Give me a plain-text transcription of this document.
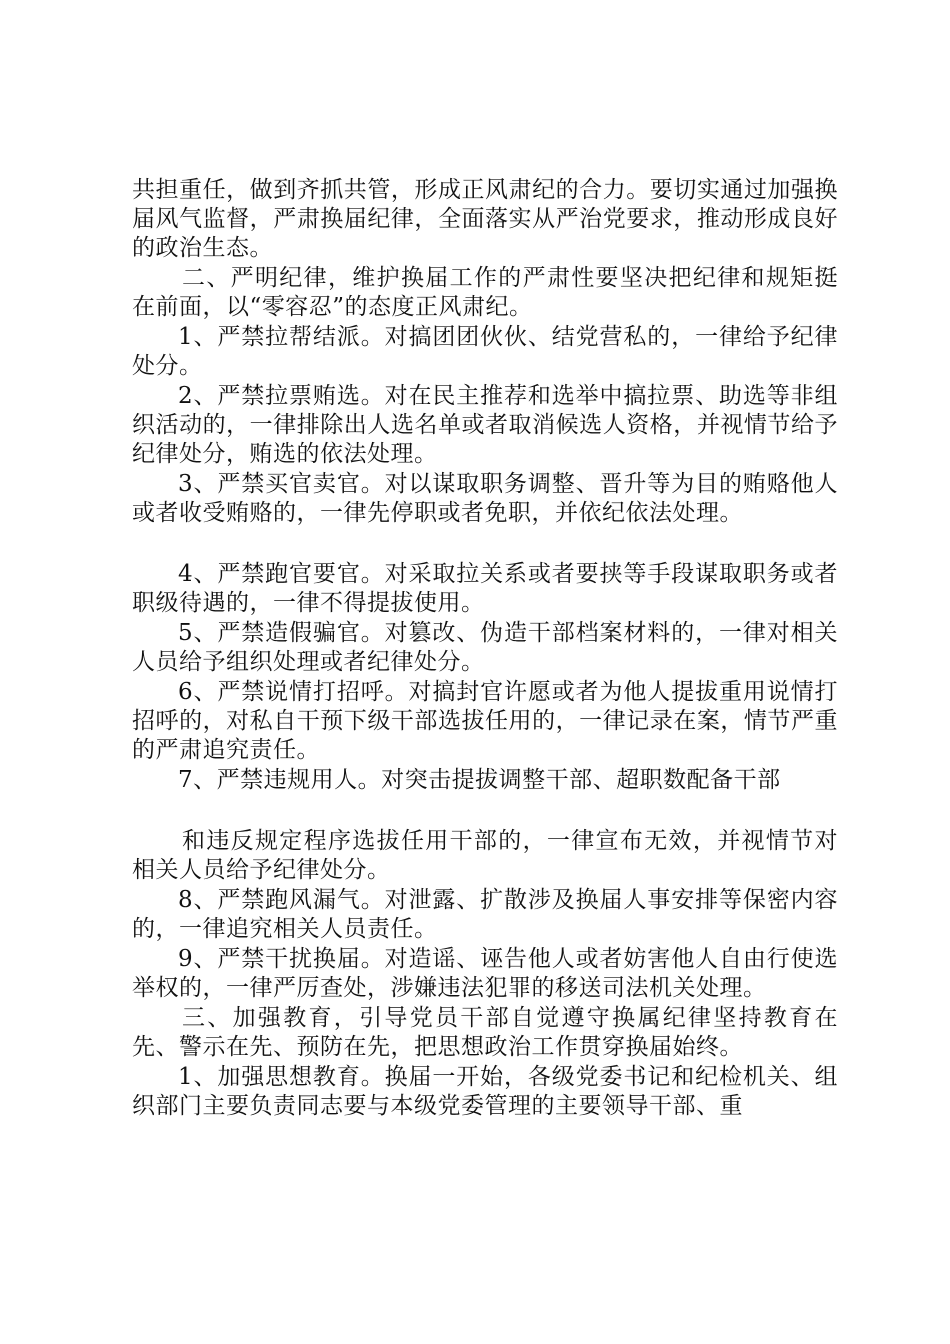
共担重任，做到齐抓共管，形成正风肃纪的合力。要切实通过加强换届风气监督，严肃换届纪律，全面落实从严治党要求，推动形成良好的政治生态。

二、严明纪律，维护换届工作的严肃性要坚决把纪律和规矩挺在前面，以“零容忍”的态度正风肃纪。

1、严禁拉帮结派。对搞团团伙伙、结党营私的，一律给予纪律处分。

2、严禁拉票贿选。对在民主推荐和选举中搞拉票、助选等非组织活动的，一律排除出人选名单或者取消候选人资格，并视情节给予纪律处分，贿选的依法处理。

3、严禁买官卖官。对以谋取职务调整、晋升等为目的贿赂他人或者收受贿赂的，一律先停职或者免职，并依纪依法处理。

4、严禁跑官要官。对采取拉关系或者要挟等手段谋取职务或者职级待遇的，一律不得提拔使用。

5、严禁造假骗官。对篡改、伪造干部档案材料的，一律对相关人员给予组织处理或者纪律处分。

6、严禁说情打招呼。对搞封官许愿或者为他人提拔重用说情打招呼的，对私自干预下级干部选拔任用的，一律记录在案，情节严重的严肃追究责任。

7、严禁违规用人。对突击提拔调整干部、超职数配备干部

和违反规定程序选拔任用干部的，一律宣布无效，并视情节对相关人员给予纪律处分。

8、严禁跑风漏气。对泄露、扩散涉及换届人事安排等保密内容的，一律追究相关人员责任。

9、严禁干扰换届。对造谣、诬告他人或者妨害他人自由行使选举权的，一律严厉查处，涉嫌违法犯罪的移送司法机关处理。

三、加强教育，引导党员干部自觉遵守换属纪律坚持教育在先、警示在先、预防在先，把思想政治工作贯穿换届始终。

1、加强思想教育。换届一开始，各级党委书记和纪检机关、组织部门主要负责同志要与本级党委管理的主要领导干部、重
